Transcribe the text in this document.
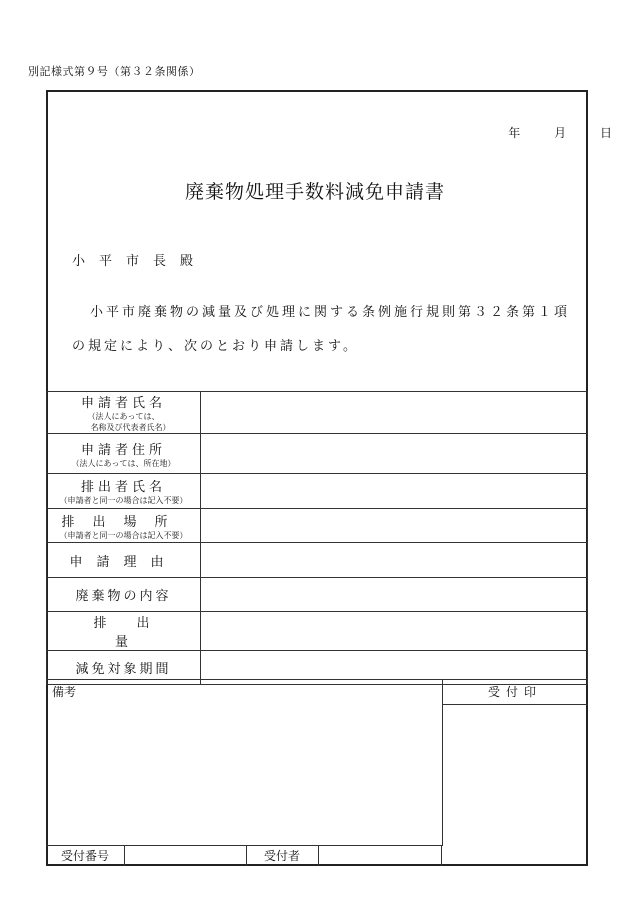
別記様式第９号（第３２条関係）
年	月	日
廃棄物処理手数料減免申請書
小平市長殿
小平市廃棄物の減量及び処理に関する条例施行規則第３２条第１項
の規定により、次のとおり申請します。
申請者氏名
（法人にあっては、
名称及び代表者氏名）	

申請者住所
（法人にあっては、所在地）	

排出者氏名
（申請者と同一の場合は記入不要）	

排出場所
（申請者と同一の場合は記入不要）	

申請理由	

廃棄物の内容	

排出量	

減免対象期間	

備考	受付印
受付番号	受付者
